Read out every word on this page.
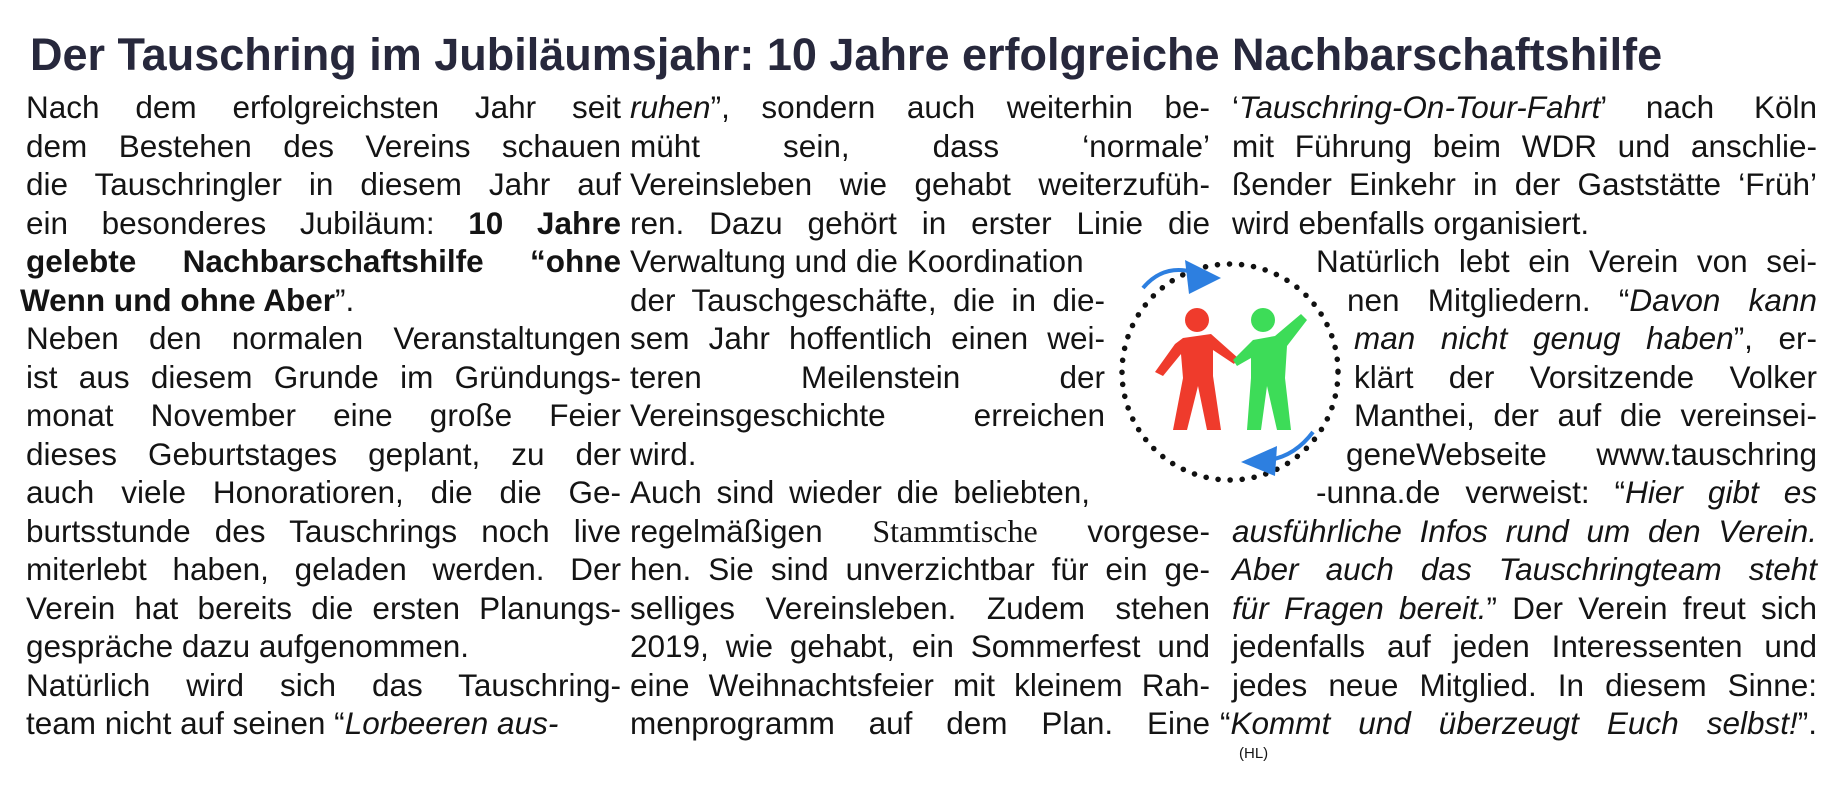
Der Tauschring im Jubiläumsjahr: 10 Jahre erfolgreiche Nachbarschaftshilfe
Nach dem erfolgreichsten Jahr seit
dem Bestehen des Vereins schauen
die Tauschringler in diesem Jahr auf
ein besonderes Jubiläum: 10 Jahre
gelebte Nachbarschaftshilfe “ohne
Wenn und ohne Aber”.
Neben den normalen Veranstaltungen
ist aus diesem Grunde im Gründungs-
monat November eine große Feier
dieses Geburtstages geplant, zu der
auch viele Honoratioren, die die Ge-
burtsstunde des Tauschrings noch live
miterlebt haben, geladen werden. Der
Verein hat bereits die ersten Planungs-
gespräche dazu aufgenommen.
Natürlich wird sich das Tauschring-
team nicht auf seinen “Lorbeeren aus-
ruhen”, sondern auch weiterhin be-
müht sein, dass ‘normale’
Vereinsleben wie gehabt weiterzufüh-
ren. Dazu gehört in erster Linie die
Verwaltung und die Koordination
der Tauschgeschäfte, die in die-
sem Jahr hoffentlich einen wei-
teren Meilenstein der
Vereinsgeschichte erreichen
wird.
Auch sind wieder die beliebten,
regelmäßigen Stammtische vorgese-
hen. Sie sind unverzichtbar für ein ge-
selliges Vereinsleben. Zudem stehen
2019, wie gehabt, ein Sommerfest und
eine Weihnachtsfeier mit kleinem Rah-
menprogramm auf dem Plan. Eine
‘Tauschring-On-Tour-Fahrt’ nach Köln
mit Führung beim WDR und anschlie-
ßender Einkehr in der Gaststätte ‘Früh’
wird ebenfalls organisiert.
Natürlich lebt ein Verein von sei-
nen Mitgliedern. “Davon kann
man nicht genug haben”, er-
klärt der Vorsitzende Volker
Manthei, der auf die vereinsei-
geneWebseite www.tauschring
-unna.de verweist: “Hier gibt es
ausführliche Infos rund um den Verein.
Aber auch das Tauschringteam steht
für Fragen bereit.” Der Verein freut sich
jedenfalls auf jeden Interessenten und
jedes neue Mitglied. In diesem Sinne:
“Kommt und überzeugt Euch selbst!”.
(HL)
